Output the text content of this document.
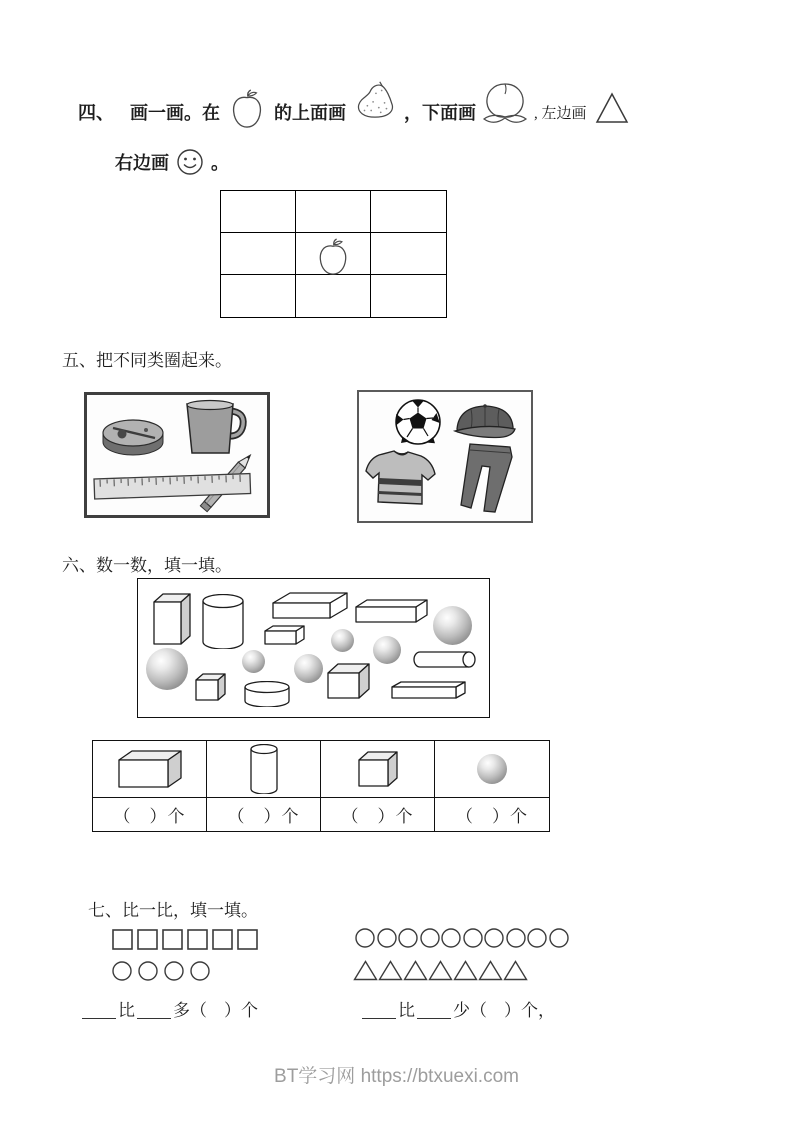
四、 画一画。在	的上面画	，下面画	, 左边画
右边画 。
五、把不同类圈起来。
六、数一数，填一填。
（　）个	（　）个	（　）个	（　）个
七、比一比，填一填。
比 多（　）个	比 少（　）个，
BT学习网 https://btxuexi.com
